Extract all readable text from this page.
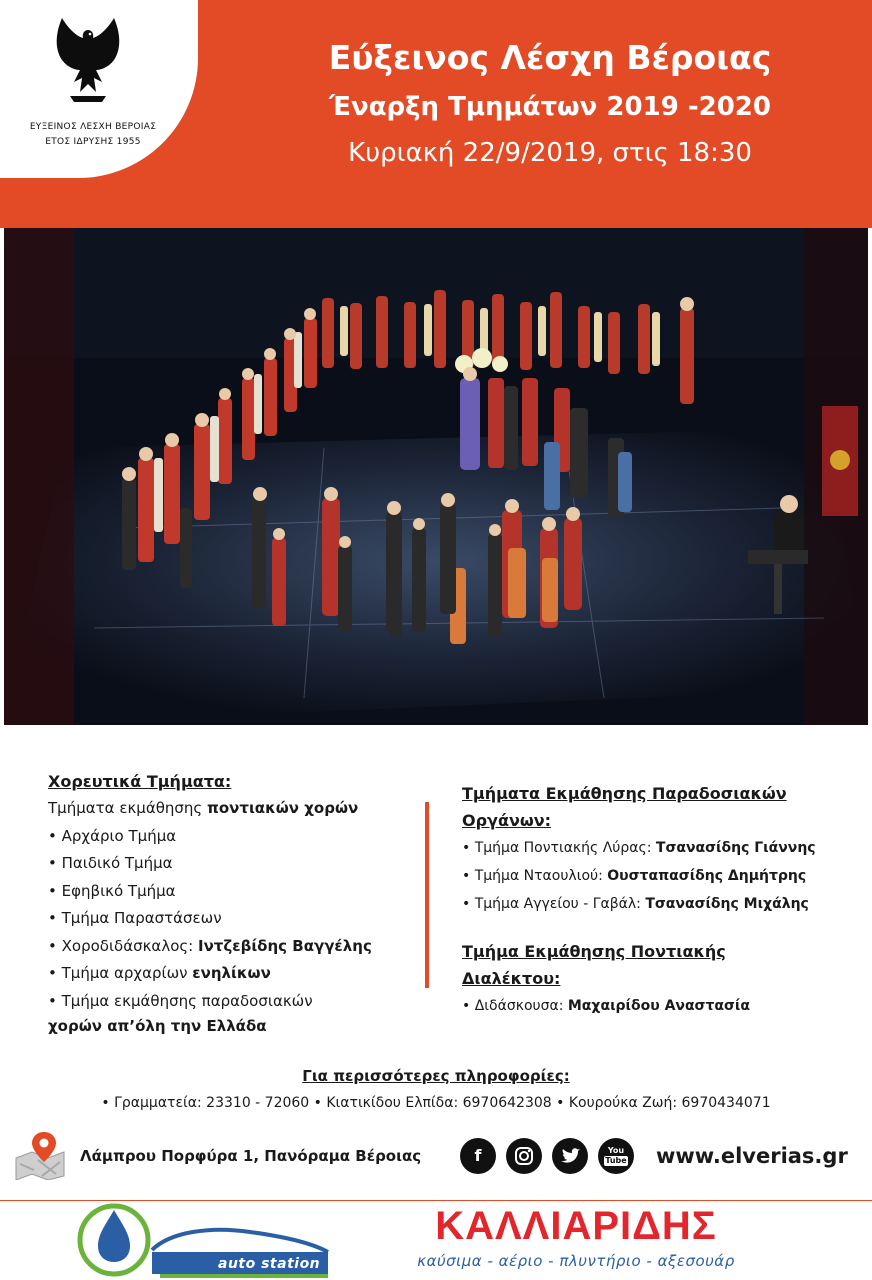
ΕΥΞΕΙΝΟΣ ΛΕΣΧΗ ΒΕΡΟΙΑΣ
ΕΤΟΣ ΙΔΡΥΣΗΣ 1955
Εύξεινος Λέσχη Βέροιας
Έναρξη Τμημάτων 2019 -2020
Κυριακή 22/9/2019, στις 18:30
Χορευτικά Τμήματα:
Τμήματα εκμάθησης ποντιακών χορών
• Αρχάριο Τμήμα
• Παιδικό Τμήμα
• Εφηβικό Τμήμα
• Τμήμα Παραστάσεων
• Χοροδιδάσκαλος: Ιντζεβίδης Βαγγέλης
• Τμήμα αρχαρίων ενηλίκων
• Τμήμα εκμάθησης παραδοσιακών
χορών απ’όλη την Ελλάδα
Τμήματα Εκμάθησης Παραδοσιακών
Οργάνων:
• Τμήμα Ποντιακής Λύρας: Τσανασίδης Γιάννης
• Τμήμα Νταουλιού: Ουσταπασίδης Δημήτρης
• Τμήμα Αγγείου - Γαβάλ: Τσανασίδης Μιχάλης
Τμήμα Εκμάθησης Ποντιακής
Διαλέκτου:
• Διδάσκουσα: Μαχαιρίδου Αναστασία
Για περισσότερες πληροφορίες:
• Γραμματεία: 23310 - 72060 • Κιατικίδου Ελπίδα: 6970642308 • Κουρούκα Ζωή: 6970434071
Λάμπρου Πορφύρα 1, Πανόραμα Βέροιας	f	You
Tube www.elverias.gr
auto station
ΚΑΛΛΙΑΡΙΔΗΣ
καύσιμα - αέριο - πλυντήριο - αξεσουάρ
